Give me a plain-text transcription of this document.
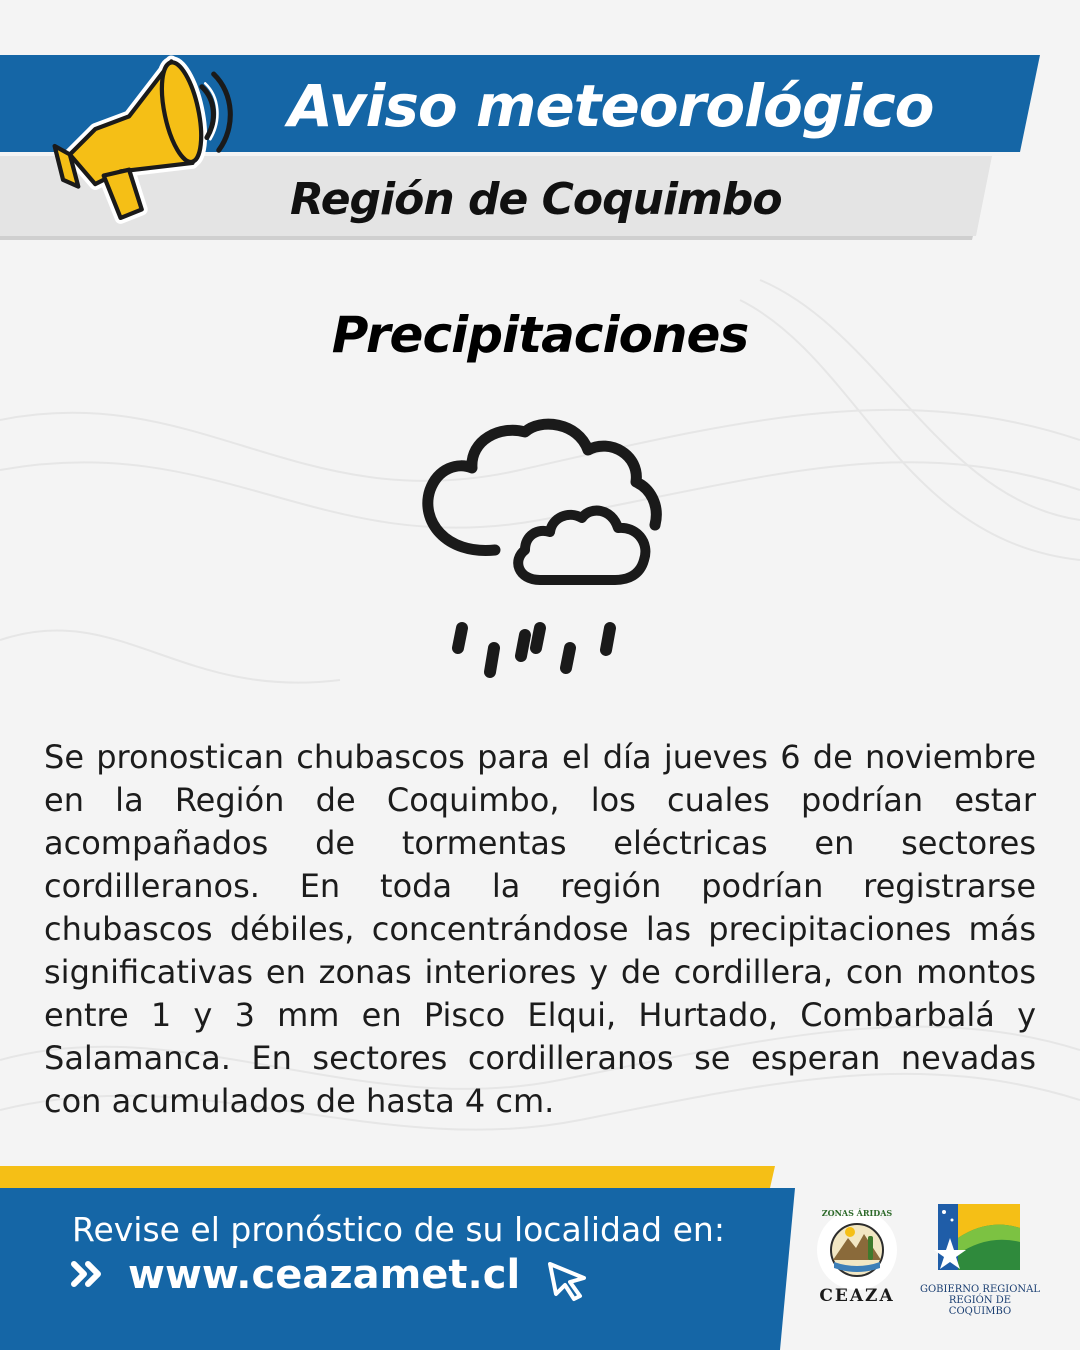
Aviso meteorológico
Región de Coquimbo
Precipitaciones
Se pronostican chubascos para el día jueves 6 de noviembre en la Región de Coquimbo, los cuales podrían estar acompañados de tormentas eléctricas en sectores cordilleranos. En toda la región podrían registrarse chubascos débiles, concentrándose las precipitaciones más significativas en zonas interiores y de cordillera, con montos entre 1 y 3 mm en Pisco Elqui, Hurtado, Combarbalá y Salamanca. En sectores cordilleranos se esperan nevadas con acumulados de hasta 4 cm.
Revise el pronóstico de su localidad en:
www.ceazamet.cl
ZONAS ÁRIDAS
CEAZA	GOBIERNO REGIONAL
REGIÓN DE COQUIMBO
